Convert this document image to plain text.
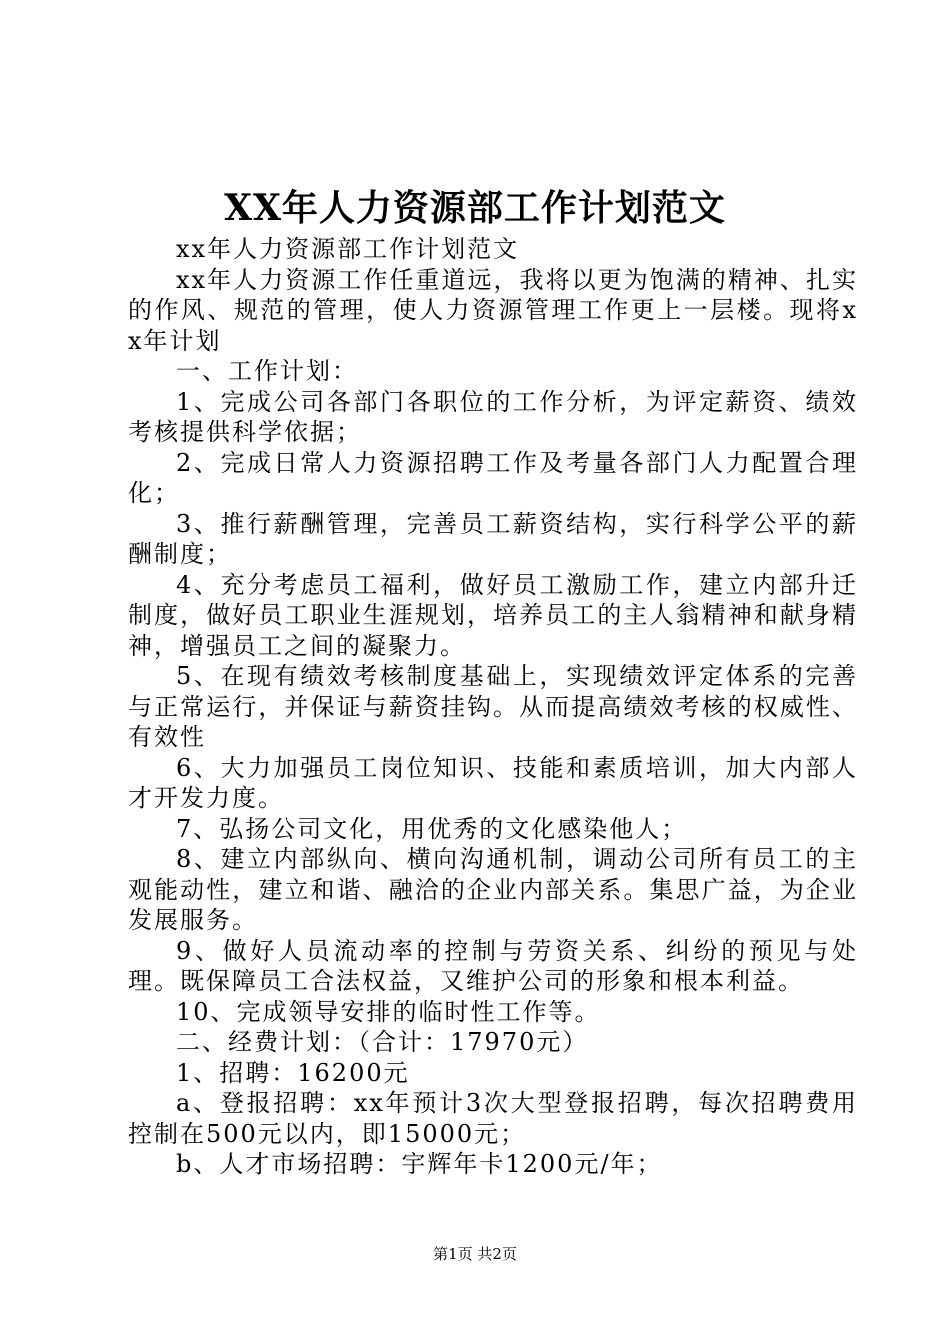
XX年人力资源部工作计划范文

xx年人力资源部工作计划范文

xx年人力资源工作任重道远，我将以更为饱满的精神、扎实的作风、规范的管理，使人力资源管理工作更上一层楼。现将xx年计划

一、工作计划：

1、完成公司各部门各职位的工作分析，为评定薪资、绩效考核提供科学依据；

2、完成日常人力资源招聘工作及考量各部门人力配置合理化；

3、推行薪酬管理，完善员工薪资结构，实行科学公平的薪酬制度；

4、充分考虑员工福利，做好员工激励工作，建立内部升迁制度，做好员工职业生涯规划，培养员工的主人翁精神和献身精神，增强员工之间的凝聚力。

5、在现有绩效考核制度基础上，实现绩效评定体系的完善与正常运行，并保证与薪资挂钩。从而提高绩效考核的权威性、有效性

6、大力加强员工岗位知识、技能和素质培训，加大内部人才开发力度。

7、弘扬公司文化，用优秀的文化感染他人；

8、建立内部纵向、横向沟通机制，调动公司所有员工的主观能动性，建立和谐、融洽的企业内部关系。集思广益，为企业发展服务。

9、做好人员流动率的控制与劳资关系、纠纷的预见与处理。既保障员工合法权益，又维护公司的形象和根本利益。

10、完成领导安排的临时性工作等。

二、经费计划：（合计：17970元）

1、招聘：16200元

a、登报招聘：xx年预计3次大型登报招聘，每次招聘费用控制在500元以内，即15000元；

b、人才市场招聘：宇辉年卡1200元/年；

第1页 共2页
